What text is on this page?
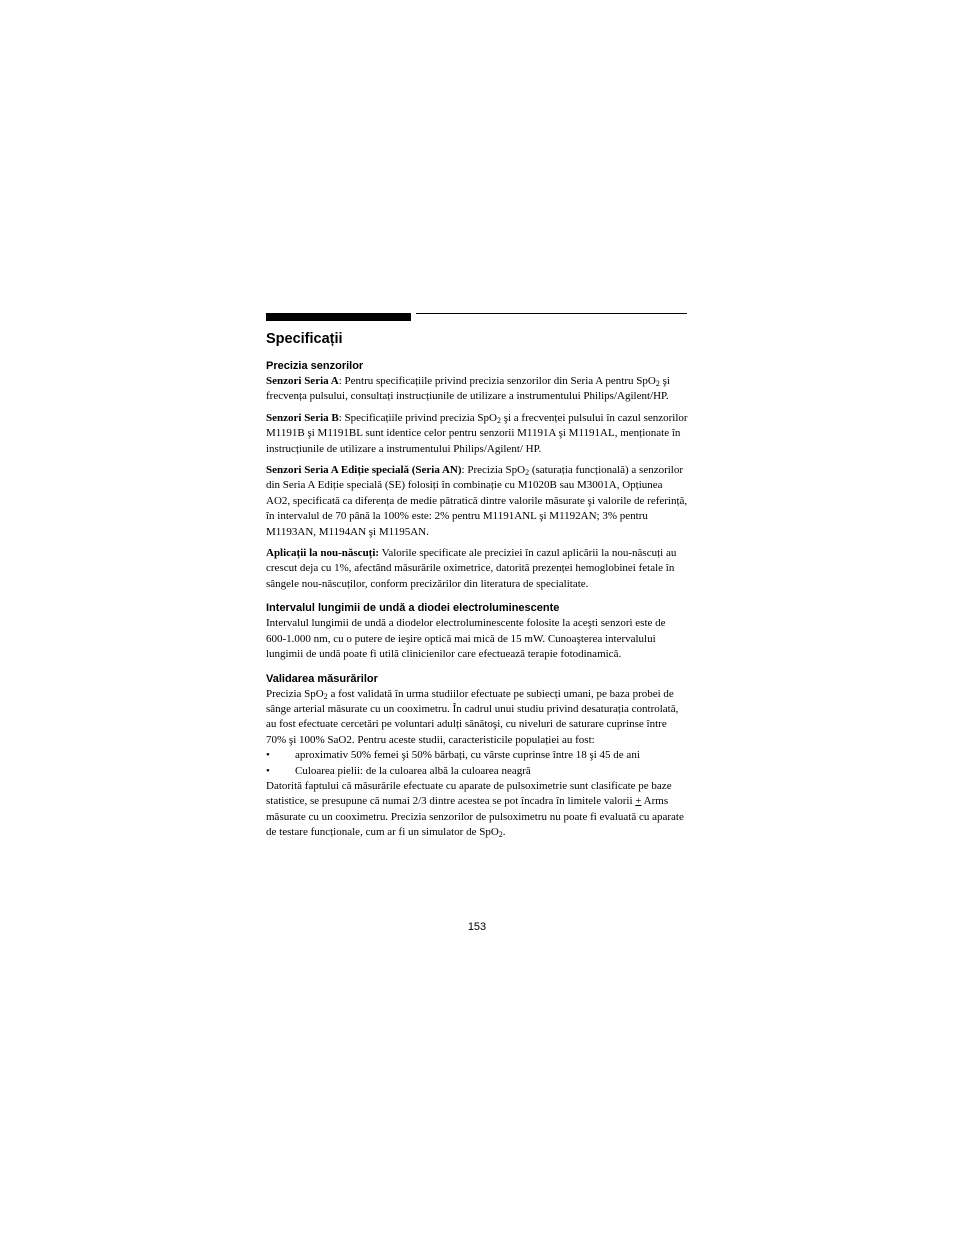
Specificații
Precizia senzorilor

Senzori Seria A: Pentru specificațiile privind precizia senzorilor din Seria A pentru SpO$_2$ şi frecvența pulsului, consultați instrucțiunile de utilizare a instrumentului Philips/Agilent/HP.

Senzori Seria B: Specificațiile privind precizia SpO$_2$ şi a frecvenței pulsului în cazul senzorilor M1191B şi M1191BL sunt identice celor pentru senzorii M1191A şi M1191AL, menționate în instrucțiunile de utilizare a instrumentului Philips/Agilent/ HP.

Senzori Seria A Ediție specială (Seria AN): Precizia SpO$_2$ (saturația funcțională) a senzorilor din Seria A Ediție specială (SE) folosiți în combinație cu M1020B sau M3001A, Opțiunea AO2, specificată ca diferența de medie pătratică dintre valorile măsurate şi valorile de referință, în intervalul de 70 până la 100% este: 2% pentru M1191ANL şi M1192AN; 3% pentru M1193AN, M1194AN şi M1195AN.

Aplicații la nou-născuți: Valorile specificate ale preciziei în cazul aplicării la nou-născuți au crescut deja cu 1%, afectând măsurările oximetrice, datorită prezenței hemoglobinei fetale în sângele nou-născuților, conform precizărilor din literatura de specialitate.

Intervalul lungimii de undă a diodei electroluminescente

Intervalul lungimii de undă a diodelor electroluminescente folosite la aceşti senzori este de 600-1.000 nm, cu o putere de ieşire optică mai mică de 15 mW. Cunoaşterea intervalului lungimii de undă poate fi utilă clinicienilor care efectuează terapie fotodinamică.

Validarea măsurărilor

Precizia SpO$_2$ a fost validată în urma studiilor efectuate pe subiecți umani, pe baza probei de sânge arterial măsurate cu un cooximetru. În cadrul unui studiu privind desaturația controlată, au fost efectuate cercetări pe voluntari adulți sănătoşi, cu niveluri de saturare cuprinse între 70% şi 100% SaO2. Pentru aceste studii, caracteristicile populației au fost:

• aproximativ 50% femei şi 50% bărbați, cu vârste cuprinse între 18 şi 45 de ani
• Culoarea pielii: de la culoarea albă la culoarea neagră

Datorită faptului că măsurările efectuate cu aparate de pulsoximetrie sunt clasificate pe baze statistice, se presupune că numai 2/3 dintre acestea se pot încadra în limitele valorii + Arms măsurate cu un cooximetru. Precizia senzorilor de pulsoximetru nu poate fi evaluată cu aparate de testare funcționale, cum ar fi un simulator de SpO$_2$.

153
